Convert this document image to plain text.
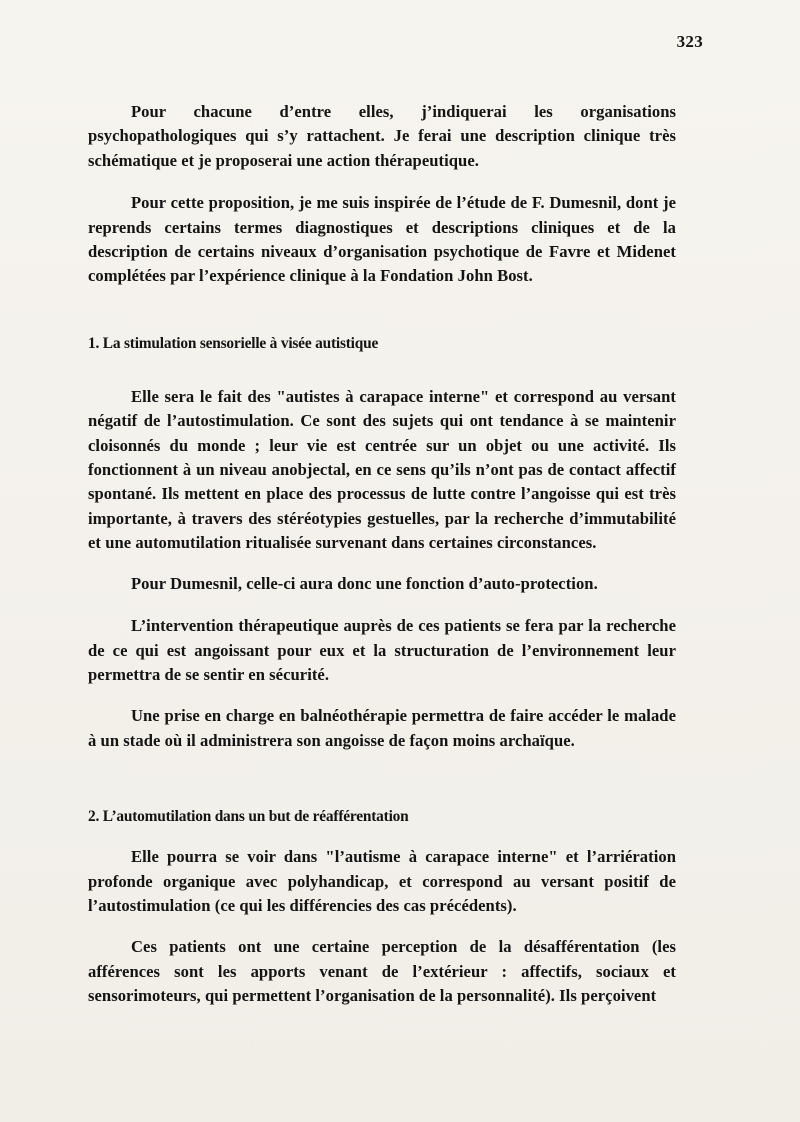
323

Pour chacune d’entre elles, j’indiquerai les organisations psychopathologiques qui s’y rattachent. Je ferai une description clinique très schématique et je proposerai une action thérapeutique.

Pour cette proposition, je me suis inspirée de l’étude de F. Dumesnil, dont je reprends certains termes diagnostiques et descriptions cliniques et de la description de certains niveaux d’organisation psychotique de Favre et Midenet complétées par l’expérience clinique à la Fondation John Bost.

1. La stimulation sensorielle à visée autistique

Elle sera le fait des "autistes à carapace interne" et correspond au versant négatif de l’autostimulation. Ce sont des sujets qui ont tendance à se maintenir cloisonnés du monde ; leur vie est centrée sur un objet ou une activité. Ils fonctionnent à un niveau anobjectal, en ce sens qu’ils n’ont pas de contact affectif spontané. Ils mettent en place des processus de lutte contre l’angoisse qui est très importante, à travers des stéréotypies gestuelles, par la recherche d’immutabilité et une automutilation ritualisée survenant dans certaines circonstances.

Pour Dumesnil, celle-ci aura donc une fonction d’auto-protection.

L’intervention thérapeutique auprès de ces patients se fera par la recherche de ce qui est angoissant pour eux et la structuration de l’environnement leur permettra de se sentir en sécurité.

Une prise en charge en balnéothérapie permettra de faire accéder le malade à un stade où il administrera son angoisse de façon moins archaïque.

2. L’automutilation dans un but de réafférentation

Elle pourra se voir dans "l’autisme à carapace interne" et l’arriération profonde organique avec polyhandicap, et correspond au versant positif de l’autostimulation (ce qui les différencies des cas précédents).

Ces patients ont une certaine perception de la désafférentation (les afférences sont les apports venant de l’extérieur : affectifs, sociaux et sensorimoteurs, qui permettent l’organisation de la personnalité). Ils perçoivent
